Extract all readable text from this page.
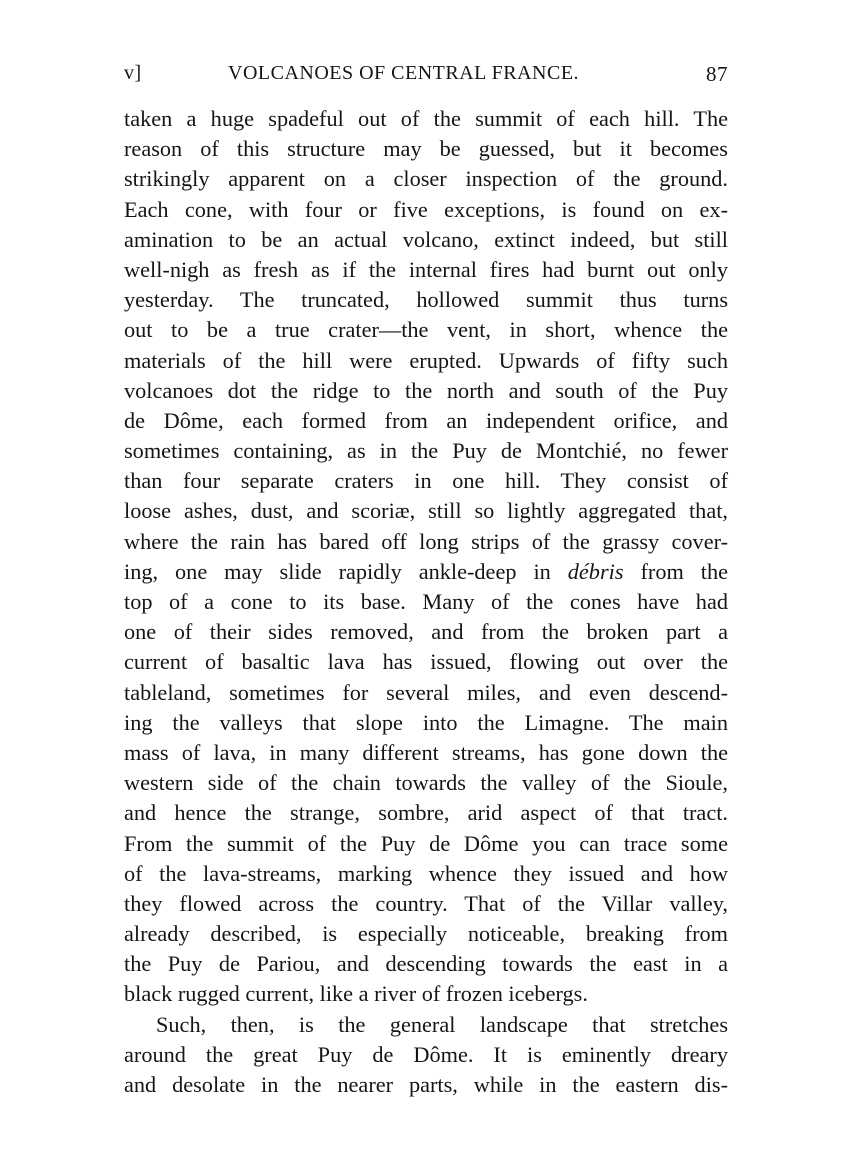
v]	VOLCANOES OF CENTRAL FRANCE.	87
taken a huge spadeful out of the summit of each hill. The
reason of this structure may be guessed, but it becomes
strikingly apparent on a closer inspection of the ground.
Each cone, with four or five exceptions, is found on ex-
amination to be an actual volcano, extinct indeed, but still
well-nigh as fresh as if the internal fires had burnt out only
yesterday. The truncated, hollowed summit thus turns
out to be a true crater—the vent, in short, whence the
materials of the hill were erupted. Upwards of fifty such
volcanoes dot the ridge to the north and south of the Puy
de Dôme, each formed from an independent orifice, and
sometimes containing, as in the Puy de Montchié, no fewer
than four separate craters in one hill. They consist of
loose ashes, dust, and scoriæ, still so lightly aggregated that,
where the rain has bared off long strips of the grassy cover-
ing, one may slide rapidly ankle-deep in débris from the
top of a cone to its base. Many of the cones have had
one of their sides removed, and from the broken part a
current of basaltic lava has issued, flowing out over the
tableland, sometimes for several miles, and even descend-
ing the valleys that slope into the Limagne. The main
mass of lava, in many different streams, has gone down the
western side of the chain towards the valley of the Sioule,
and hence the strange, sombre, arid aspect of that tract.
From the summit of the Puy de Dôme you can trace some
of the lava-streams, marking whence they issued and how
they flowed across the country. That of the Villar valley,
already described, is especially noticeable, breaking from
the Puy de Pariou, and descending towards the east in a
black rugged current, like a river of frozen icebergs.
Such, then, is the general landscape that stretches
around the great Puy de Dôme. It is eminently dreary
and desolate in the nearer parts, while in the eastern dis-
